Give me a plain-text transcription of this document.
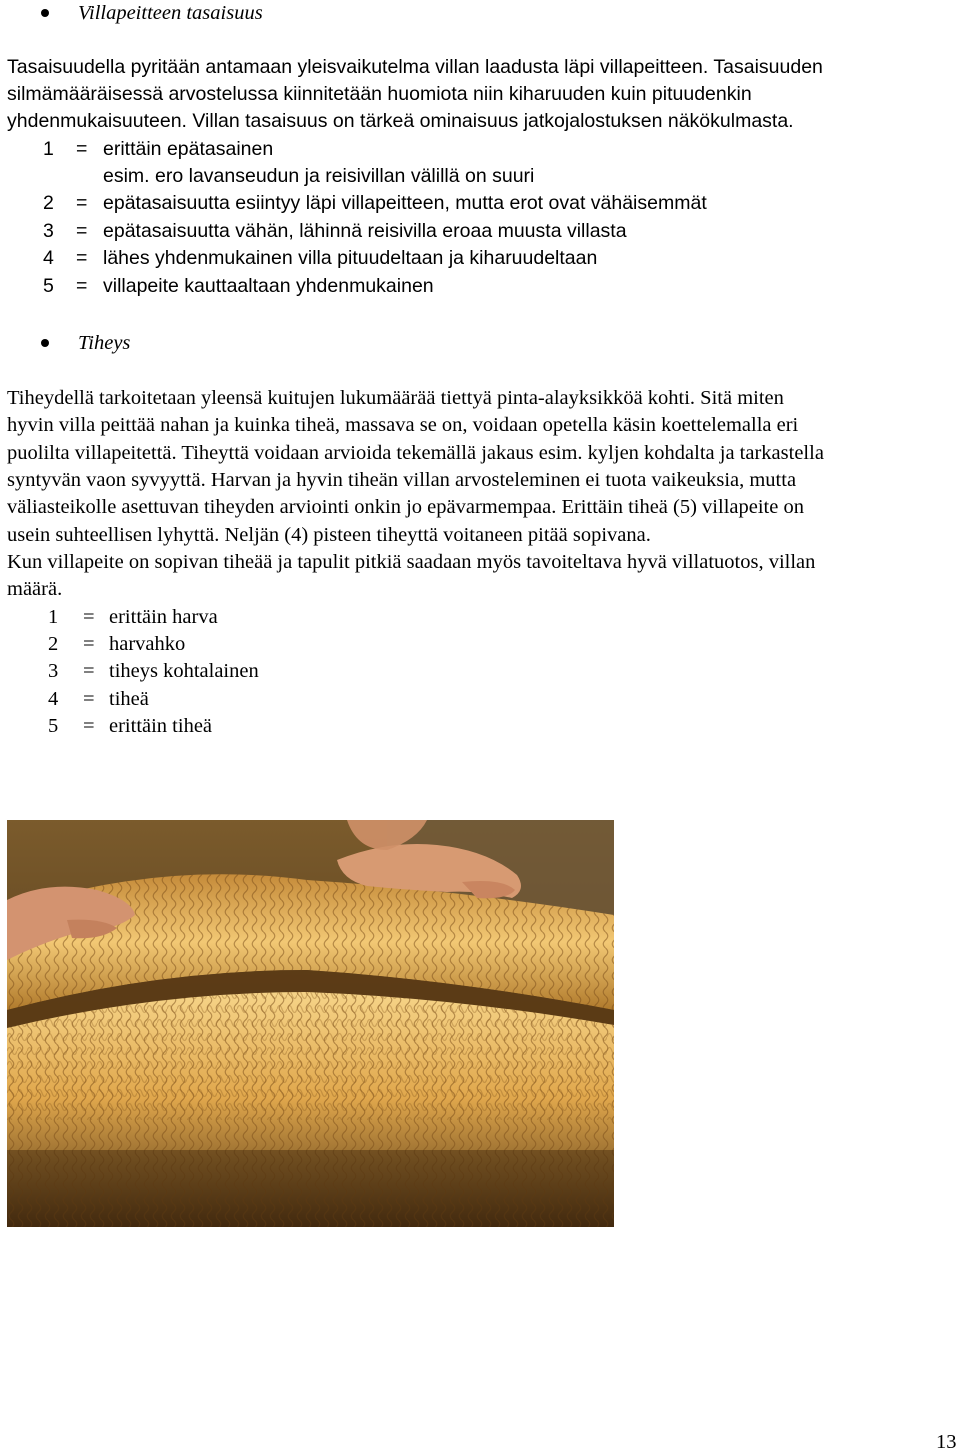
Villapeitteen tasaisuus
Tasaisuudella pyritään antamaan yleisvaikutelma villan laadusta läpi villapeitteen. Tasaisuuden
silmämääräisessä arvostelussa kiinnitetään huomiota niin kiharuuden kuin pituudenkin
yhdenmukaisuuteen. Villan tasaisuus on tärkeä ominaisuus jatkojalostuksen näkökulmasta.
1 = erittäin epätasainen
esim. ero lavanseudun ja reisivillan välillä on suuri
2 = epätasaisuutta esiintyy läpi villapeitteen, mutta erot ovat vähäisemmät
3 = epätasaisuutta vähän, lähinnä reisivilla eroaa muusta villasta
4 = lähes yhdenmukainen villa pituudeltaan ja kiharuudeltaan
5 = villapeite kauttaaltaan yhdenmukainen
Tiheys
Tiheydellä tarkoitetaan yleensä kuitujen lukumäärää tiettyä pinta-alayksikköä kohti. Sitä miten
hyvin villa peittää nahan ja kuinka tiheä, massava se on, voidaan opetella käsin koettelemalla eri
puolilta villapeitettä. Tiheyttä voidaan arvioida tekemällä jakaus esim. kyljen kohdalta ja tarkastella
syntyvän vaon syvyyttä. Harvan ja hyvin tiheän villan arvosteleminen ei tuota vaikeuksia, mutta
väliasteikolle asettuvan tiheyden arviointi onkin jo epävarmempaa. Erittäin tiheä (5) villapeite on
usein suhteellisen lyhyttä. Neljän (4) pisteen tiheyttä voitaneen pitää sopivana.
Kun villapeite on sopivan tiheää ja tapulit pitkiä saadaan myös tavoiteltava hyvä villatuotos, villan
määrä.
1 = erittäin harva
2 = harvahko
3 = tiheys kohtalainen
4 = tiheä
5 = erittäin tiheä
13
